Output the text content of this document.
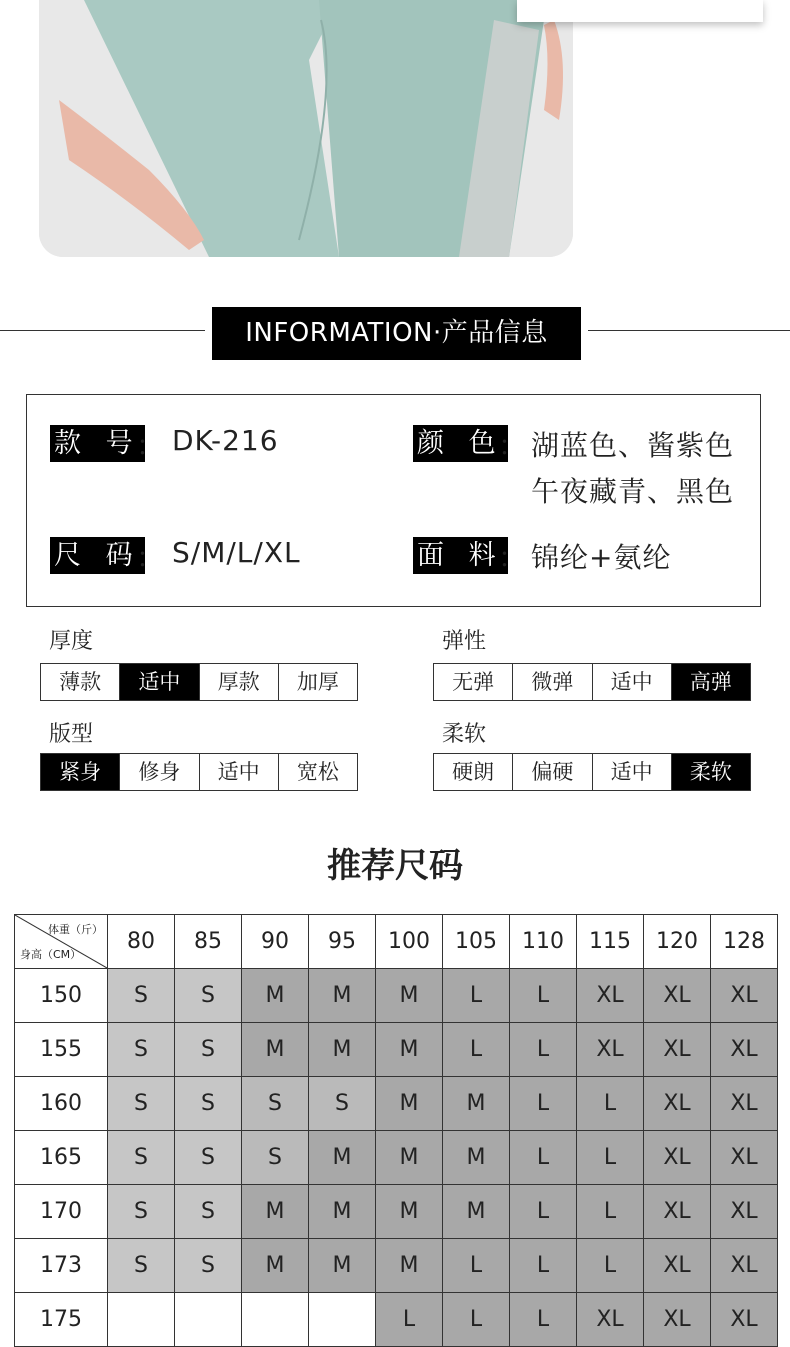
INFORMATION·产品信息
款 号
： DK-216	颜 色
： 湖蓝色、酱紫色
午夜藏青、黑色
尺 码
： S/M/L/XL	面 料
： 锦纶+氨纶
厚度
薄款	适中	厚款	加厚
弹性
无弹	微弹	适中	高弹
版型
紧身	修身	适中	宽松
柔软
硬朗	偏硬	适中	柔软
推荐尺码
体重（斤）
身高（CM）	80	85	90	95	100	105	110	115	120	128
150	S	S	M	M	M	L	L	XL	XL	XL
155	S	S	M	M	M	L	L	XL	XL	XL
160	S	S	S	S	M	M	L	L	XL	XL
165	S	S	S	M	M	M	L	L	XL	XL
170	S	S	M	M	M	M	L	L	XL	XL
173	S	S	M	M	M	L	L	L	XL	XL
175					L	L	L	XL	XL	XL
